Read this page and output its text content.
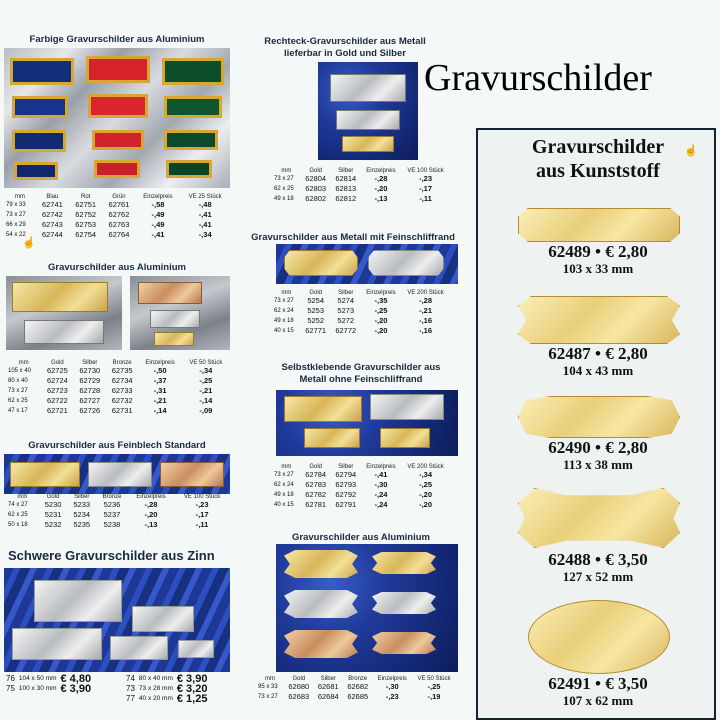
Gravurschilder
Farbige Gravurschilder aus Aluminium
mm	Blau	Rot	Grün	Einzelpreis	VE 25 Stück
79 x 33	62741	62751	62761	-,58	-,48
73 x 27	62742	62752	62762	-,49	-,41
66 x 29	62743	62753	62763	-,49	-,41
54 x 22	62744	62754	62764	-,41	-,34
☝
Gravurschilder aus Aluminium
mm	Gold	Silber	Bronze	Einzelpreis	VE 50 Stück
105 x 40	62725	62730	62735	-,50	-,34
80 x 40	62724	62729	62734	-,37	-,25
73 x 27	62723	62728	62733	-,31	-,21
62 x 25	62722	62727	62732	-,21	-,14
47 x 17	62721	62726	62731	-,14	-,09
Gravurschilder aus Feinblech Standard
mm	Gold	Silber	Bronze	Einzelpreis	VE 100 Stück
74 x 27	5230	5233	5236	-,28	-,23
62 x 25	5231	5234	5237	-,20	-,17
50 x 18	5232	5235	5238	-,13	-,11
Schwere Gravurschilder aus Zinn
76	104 x 50 mm	€ 4,80
75	100 x 30 mm	€ 3,90
74	80 x 40 mm	€ 3,90
73	73 x 28 mm	€ 3,20
77	40 x 20 mm	€ 1,25
Rechteck-Gravurschilder aus Metall
lieferbar in Gold und Silber
mm	Gold	Silber	Einzelpreis	VE 100 Stück
73 x 27	62804	62814	-,28	-,23
62 x 25	62803	62813	-,20	-,17
49 x 18	62802	62812	-,13	-,11
Gravurschilder aus Metall mit Feinschliffrand
mm	Gold	Silber	Einzelpreis	VE 200 Stück
73 x 27	5254	5274	-,35	-,28
62 x 24	5253	5273	-,25	-,21
49 x 18	5252	5272	-,20	-,16
40 x 15	62771	62772	-,20	-,16
Selbstklebende Gravurschilder aus
Metall ohne Feinschliffrand
mm	Gold	Silber	Einzelpreis	VE 200 Stück
73 x 27	62784	62794	-,41	-,34
62 x 24	62783	62793	-,30	-,25
49 x 18	62782	62792	-,24	-,20
40 x 15	62781	62791	-,24	-,20
Gravurschilder aus Aluminium
mm	Gold	Silber	Bronze	Einzelpreis	VE 50 Stück
95 x 33	62680	62681	62682	-,30	-,25
73 x 27	62683	62684	62685	-,23	-,19
Gravurschilder
aus Kunststoff
☝
62489 • € 2,80
103 x 33 mm
62487 • € 2,80
104 x 43 mm
62490 • € 2,80
113 x 38 mm
62488 • € 3,50
127 x 52 mm
62491 • € 3,50
107 x 62 mm
